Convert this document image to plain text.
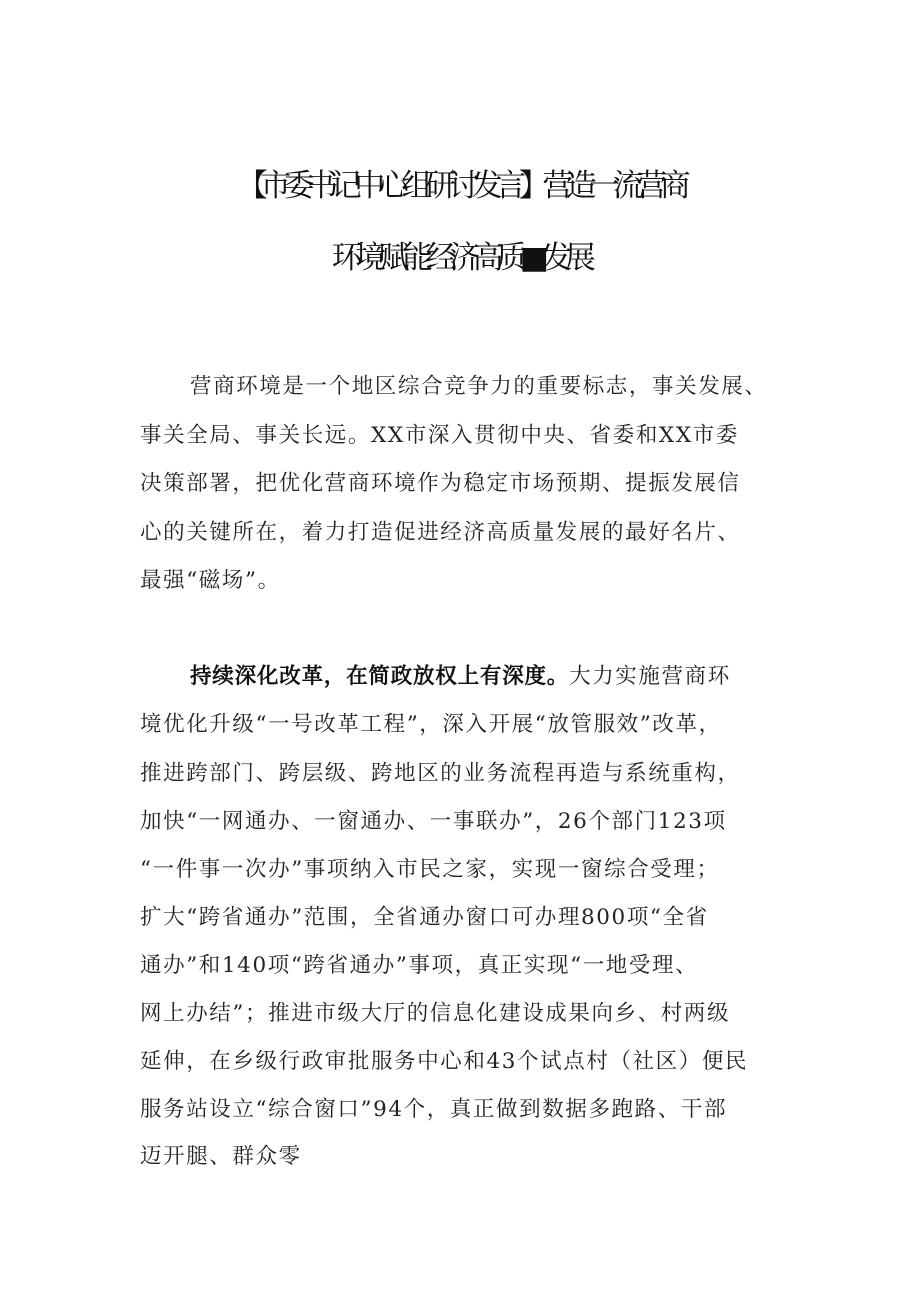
【市委书记中心组研讨发言】营造一流营商
环境赋能经济高质■发展

营商环境是一个地区综合竞争力的重要标志，事关发展、

事关全局、事关长远。XX市深入贯彻中央、省委和XX市委

决策部署，把优化营商环境作为稳定市场预期、提振发展信

心的关键所在，着力打造促进经济高质量发展的最好名片、

最强“磁场”。

持续深化改革，在简政放权上有深度。大力实施营商环

境优化升级“一号改革工程”，深入开展“放管服效”改革，

推进跨部门、跨层级、跨地区的业务流程再造与系统重构，

加快“一网通办、一窗通办、一事联办”，26个部门123项

“一件事一次办”事项纳入市民之家，实现一窗综合受理；

扩大“跨省通办”范围，全省通办窗口可办理800项“全省

通办”和140项“跨省通办”事项，真正实现“一地受理、

网上办结”；推进市级大厅的信息化建设成果向乡、村两级

延伸，在乡级行政审批服务中心和43个试点村（社区）便民

服务站设立“综合窗口”94个，真正做到数据多跑路、干部

迈开腿、群众零
